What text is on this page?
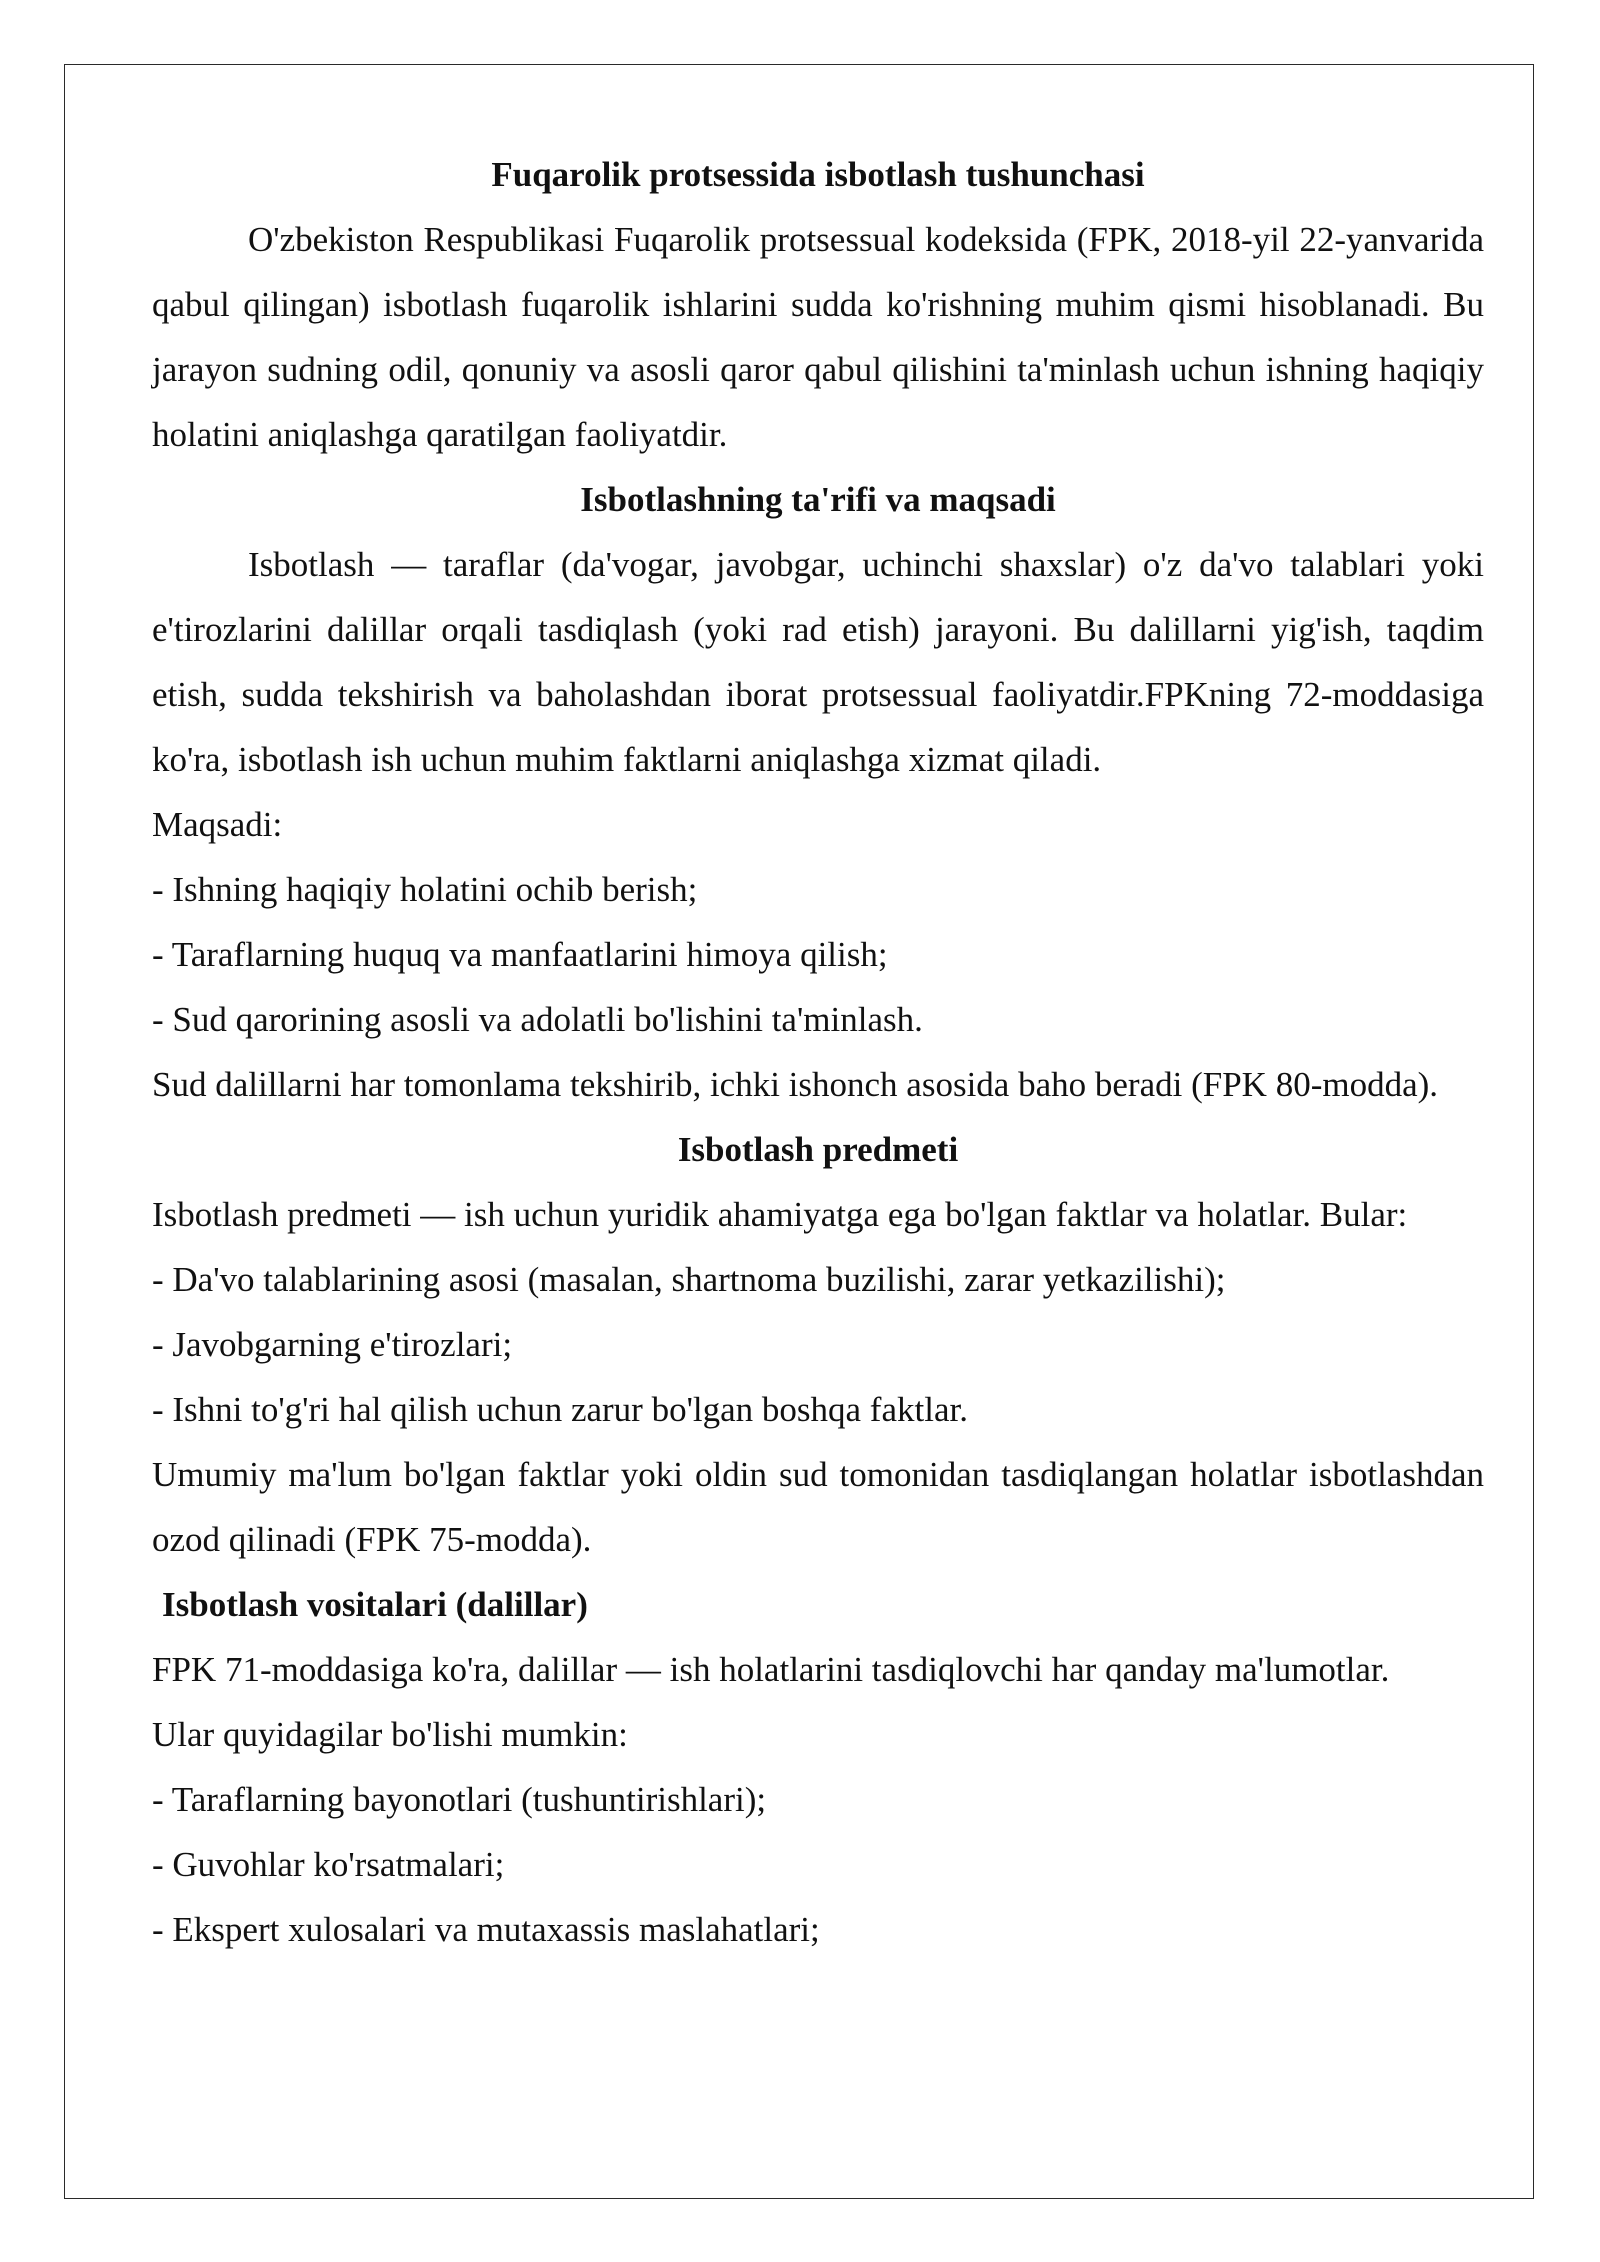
Fuqarolik protsessida isbotlash tushunchasi

O'zbekiston Respublikasi Fuqarolik protsessual kodeksida (FPK, 2018-yil 22-yanvarida qabul qilingan) isbotlash fuqarolik ishlarini sudda ko'rishning muhim qismi hisoblanadi. Bu jarayon sudning odil, qonuniy va asosli qaror qabul qilishini ta'minlash uchun ishning haqiqiy holatini aniqlashga qaratilgan faoliyatdir.

Isbotlashning ta'rifi va maqsadi

Isbotlash — taraflar (da'vogar, javobgar, uchinchi shaxslar) o'z da'vo talablari yoki e'tirozlarini dalillar orqali tasdiqlash (yoki rad etish) jarayoni. Bu dalillarni yig'ish, taqdim etish, sudda tekshirish va baholashdan iborat protsessual faoliyatdir.FPKning 72-moddasiga ko'ra, isbotlash ish uchun muhim faktlarni aniqlashga xizmat qiladi.

Maqsadi:

- Ishning haqiqiy holatini ochib berish;

- Taraflarning huquq va manfaatlarini himoya qilish;

- Sud qarorining asosli va adolatli bo'lishini ta'minlash.

Sud dalillarni har tomonlama tekshirib, ichki ishonch asosida baho beradi (FPK 80-modda).

Isbotlash predmeti

Isbotlash predmeti — ish uchun yuridik ahamiyatga ega bo'lgan faktlar va holatlar. Bular:

- Da'vo talablarining asosi (masalan, shartnoma buzilishi, zarar yetkazilishi);

- Javobgarning e'tirozlari;

- Ishni to'g'ri hal qilish uchun zarur bo'lgan boshqa faktlar.

Umumiy ma'lum bo'lgan faktlar yoki oldin sud tomonidan tasdiqlangan holatlar isbotlashdan ozod qilinadi (FPK 75-modda).

Isbotlash vositalari (dalillar)

FPK 71-moddasiga ko'ra, dalillar — ish holatlarini tasdiqlovchi har qanday ma'lumotlar.

Ular quyidagilar bo'lishi mumkin:

- Taraflarning bayonotlari (tushuntirishlari);

- Guvohlar ko'rsatmalari;

- Ekspert xulosalari va mutaxassis maslahatlari;
